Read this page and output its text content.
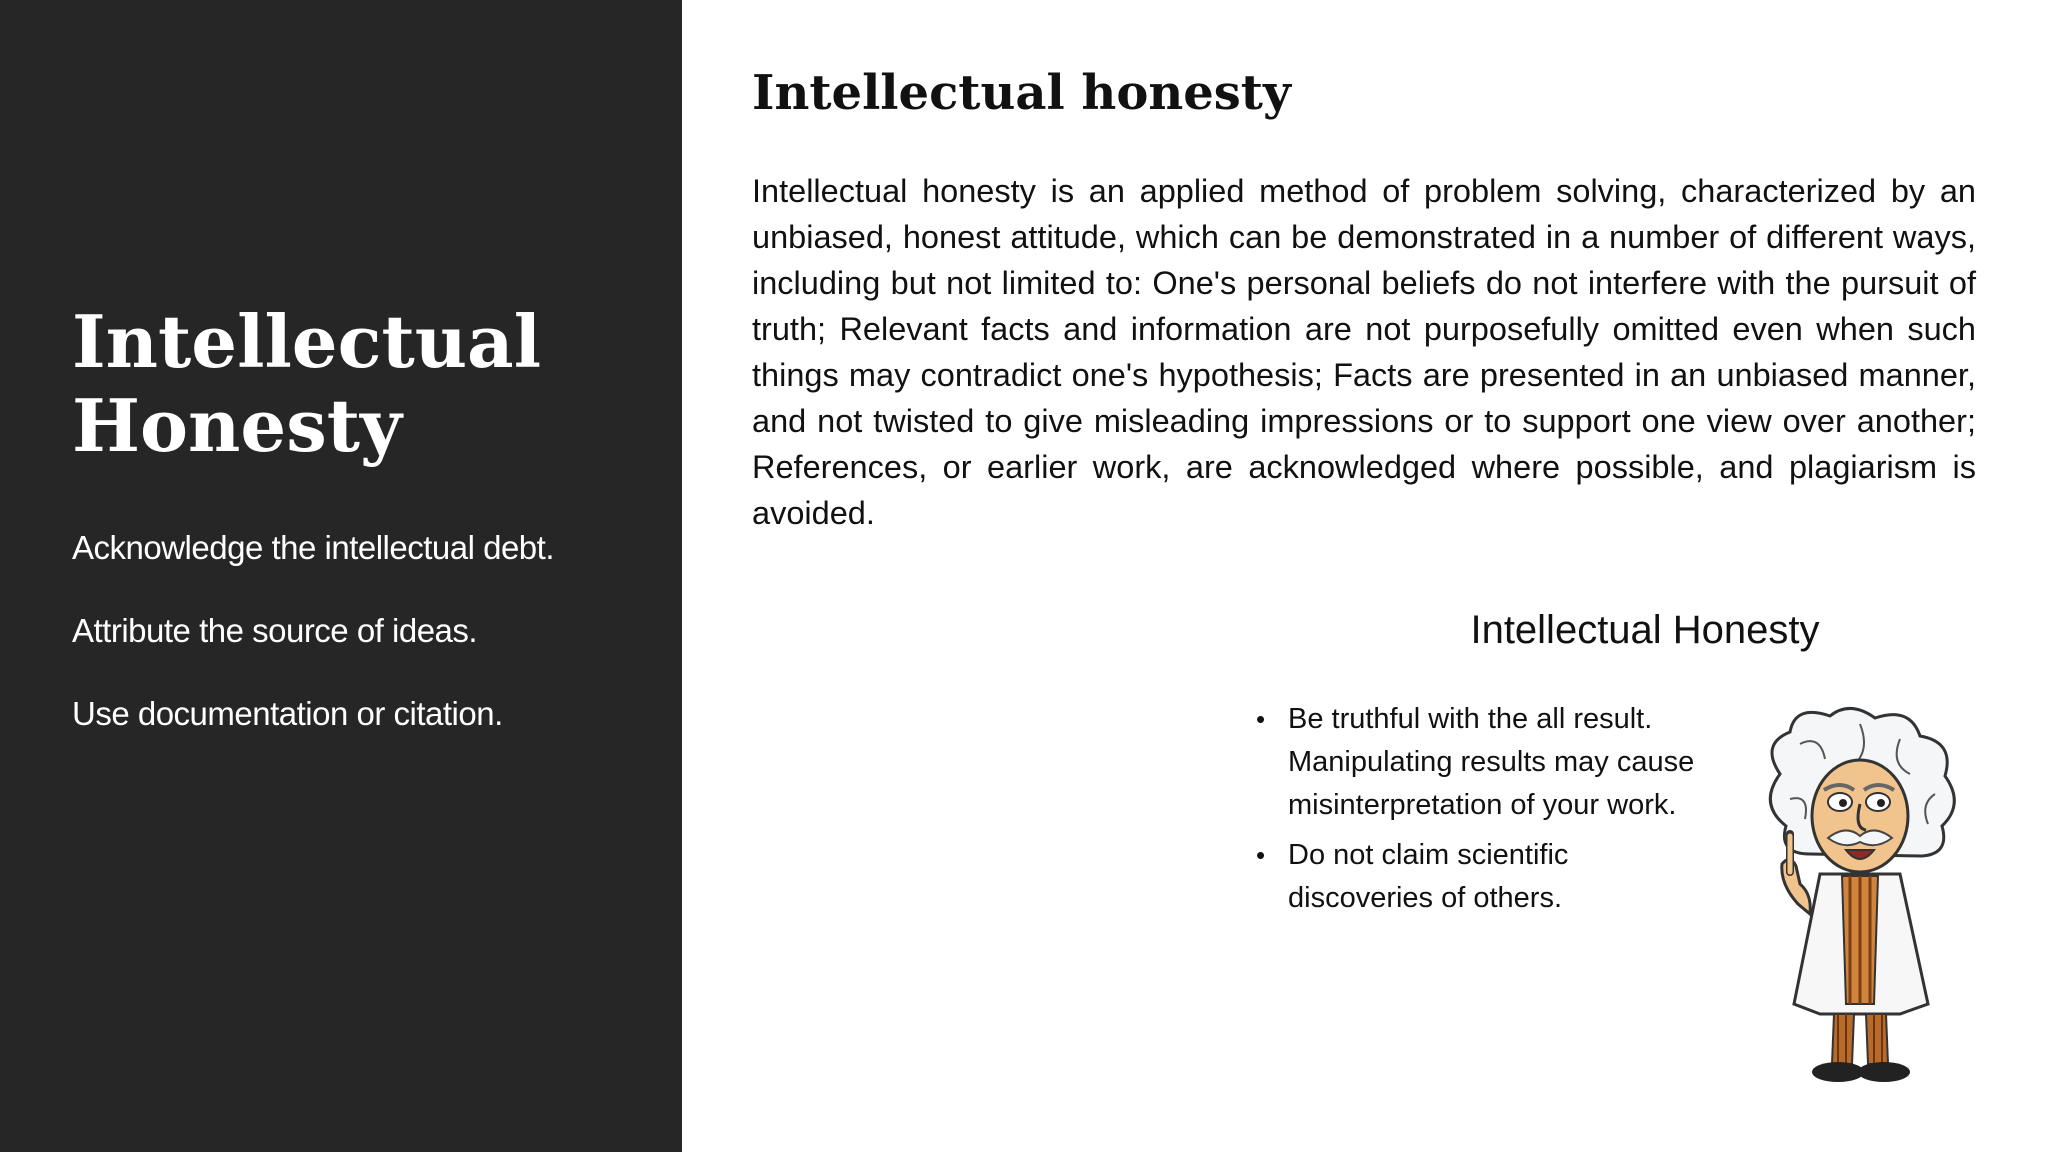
Intellectual Honesty
Acknowledge the intellectual debt.
Attribute the source of ideas.
Use documentation or citation.
Intellectual honesty

Intellectual honesty is an applied method of problem solving, characterized by an unbiased, honest attitude, which can be demonstrated in a number of different ways, including but not limited to: One's personal beliefs do not interfere with the pursuit of truth; Relevant facts and information are not purposefully omitted even when such things may contradict one's hypothesis; Facts are presented in an unbiased manner, and not twisted to give misleading impressions or to support one view over another; References, or earlier work, are acknowledged where possible, and plagiarism is avoided.

Intellectual Honesty
• Be truthful with the all result.
Manipulating results may cause
misinterpretation of your work.
• Do not claim scientific
discoveries of others.
